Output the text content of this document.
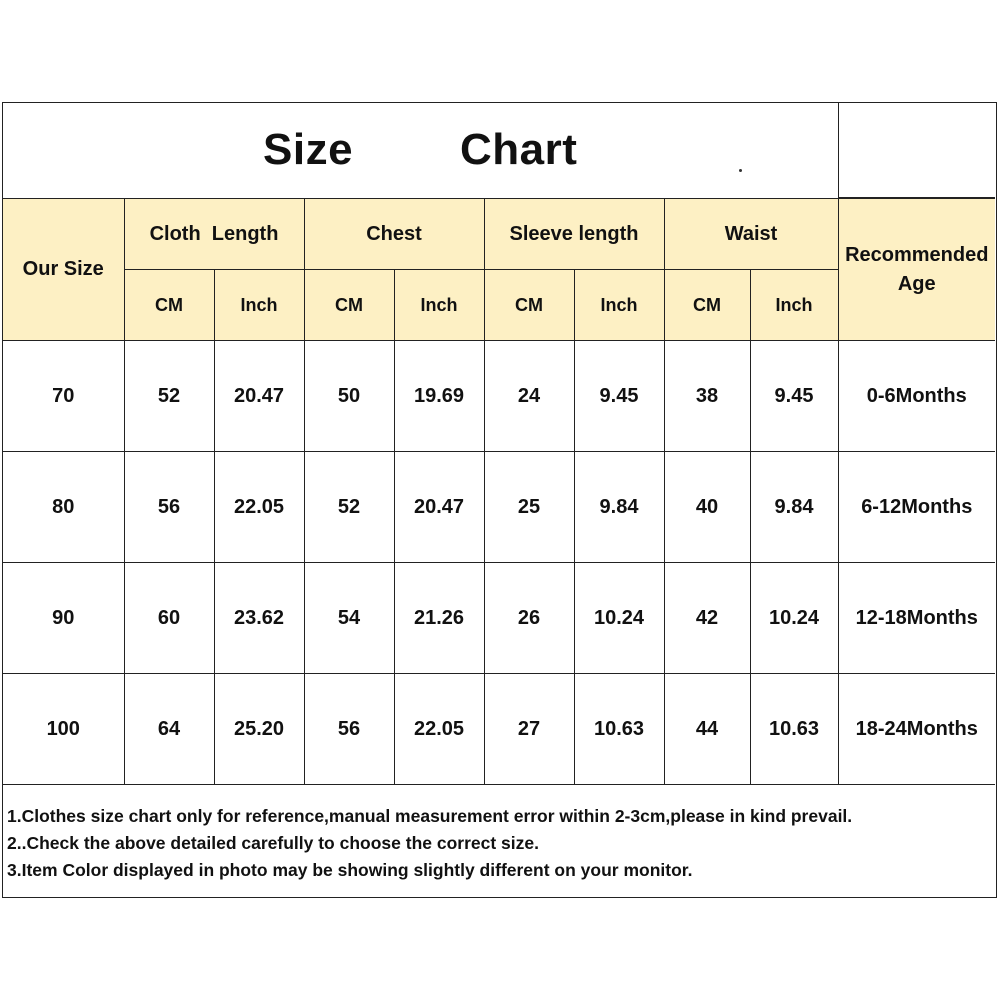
Size Chart
Our Size	Cloth  Length		Chest		Sleeve length		Waist		Recommended Age
	CM	Inch	CM	Inch	CM	Inch	CM	Inch	
70	52	20.47	50	19.69	24	9.45	38	9.45	0-6Months
80	56	22.05	52	20.47	25	9.84	40	9.84	6-12Months
90	60	23.62	54	21.26	26	10.24	42	10.24	12-18Months
100	64	25.20	56	22.05	27	10.63	44	10.63	18-24Months
1.Clothes size chart only for reference,manual measurement error within 2-3cm,please in kind prevail.
2..Check the above detailed carefully to choose the correct size.
3.Item Color displayed in photo may be showing slightly different on your monitor.
